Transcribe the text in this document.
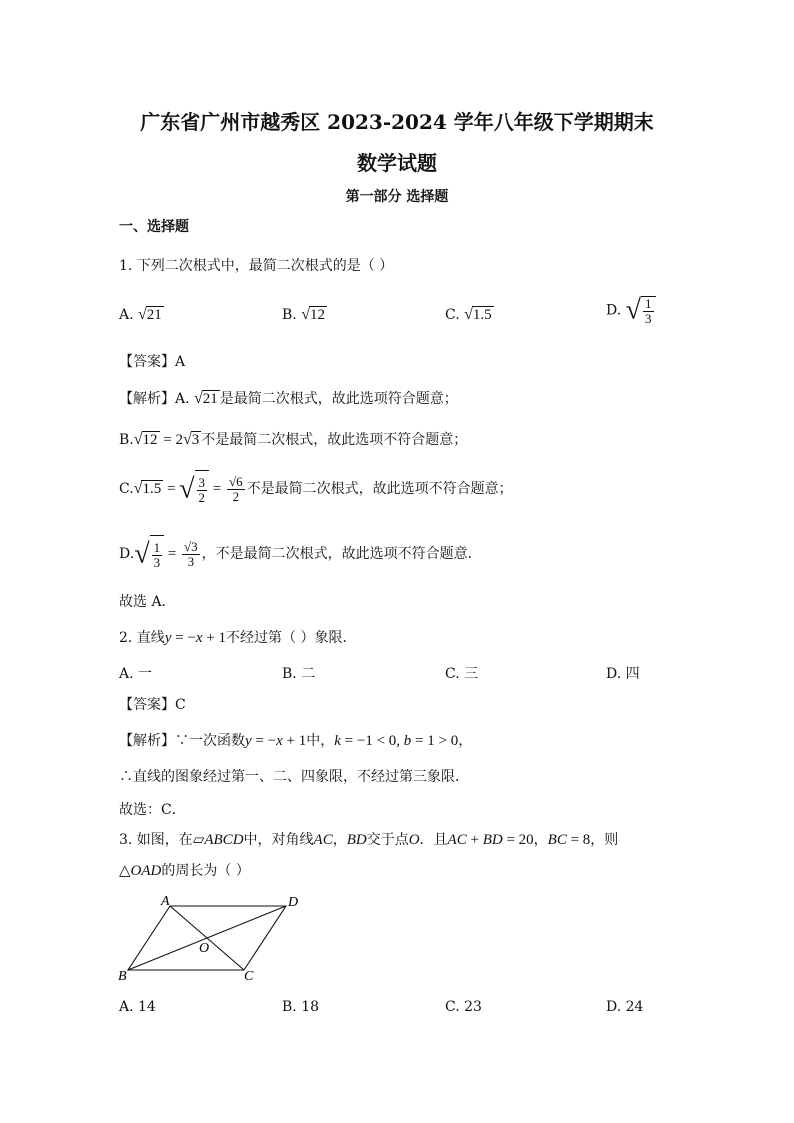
广东省广州市越秀区 2023-2024 学年八年级下学期期末
数学试题
第一部分 选择题
一、选择题
1. 下列二次根式中，最简二次根式的是（ ）
A. √21	B. √12	C. √1.5	D. √ $\frac{1}{3}$
【答案】A
【解析】A. √21 是最简二次根式，故此选项符合题意；
B.√12 = 2√3 不是最简二次根式，故此选项不符合题意；
C.√1.5 = √ $\frac{3}{2} = \frac{√6}{2}$ 不是最简二次根式，故此选项不符合题意；
$D.√ \frac{1}{3} = \frac{√3}{3}$ ，不是最简二次根式，故此选项不符合题意．
故选 A．
2. 直线y = −x + 1不经过第（ ）象限．
A. 一	B. 二	C. 三	D. 四
【答案】C
【解析】∵一次函数y = −x + 1中，k = −1 < 0, b = 1 > 0，
∴直线的图象经过第一、二、四象限，不经过第三象限．
故选：C．
3. 如图，在▱ABCD中，对角线AC，BD交于点O．且AC + BD = 20，BC = 8，则
△OAD的周长为（ ）
A	D
O
B	C
A. 14	B. 18	C. 23	D. 24
